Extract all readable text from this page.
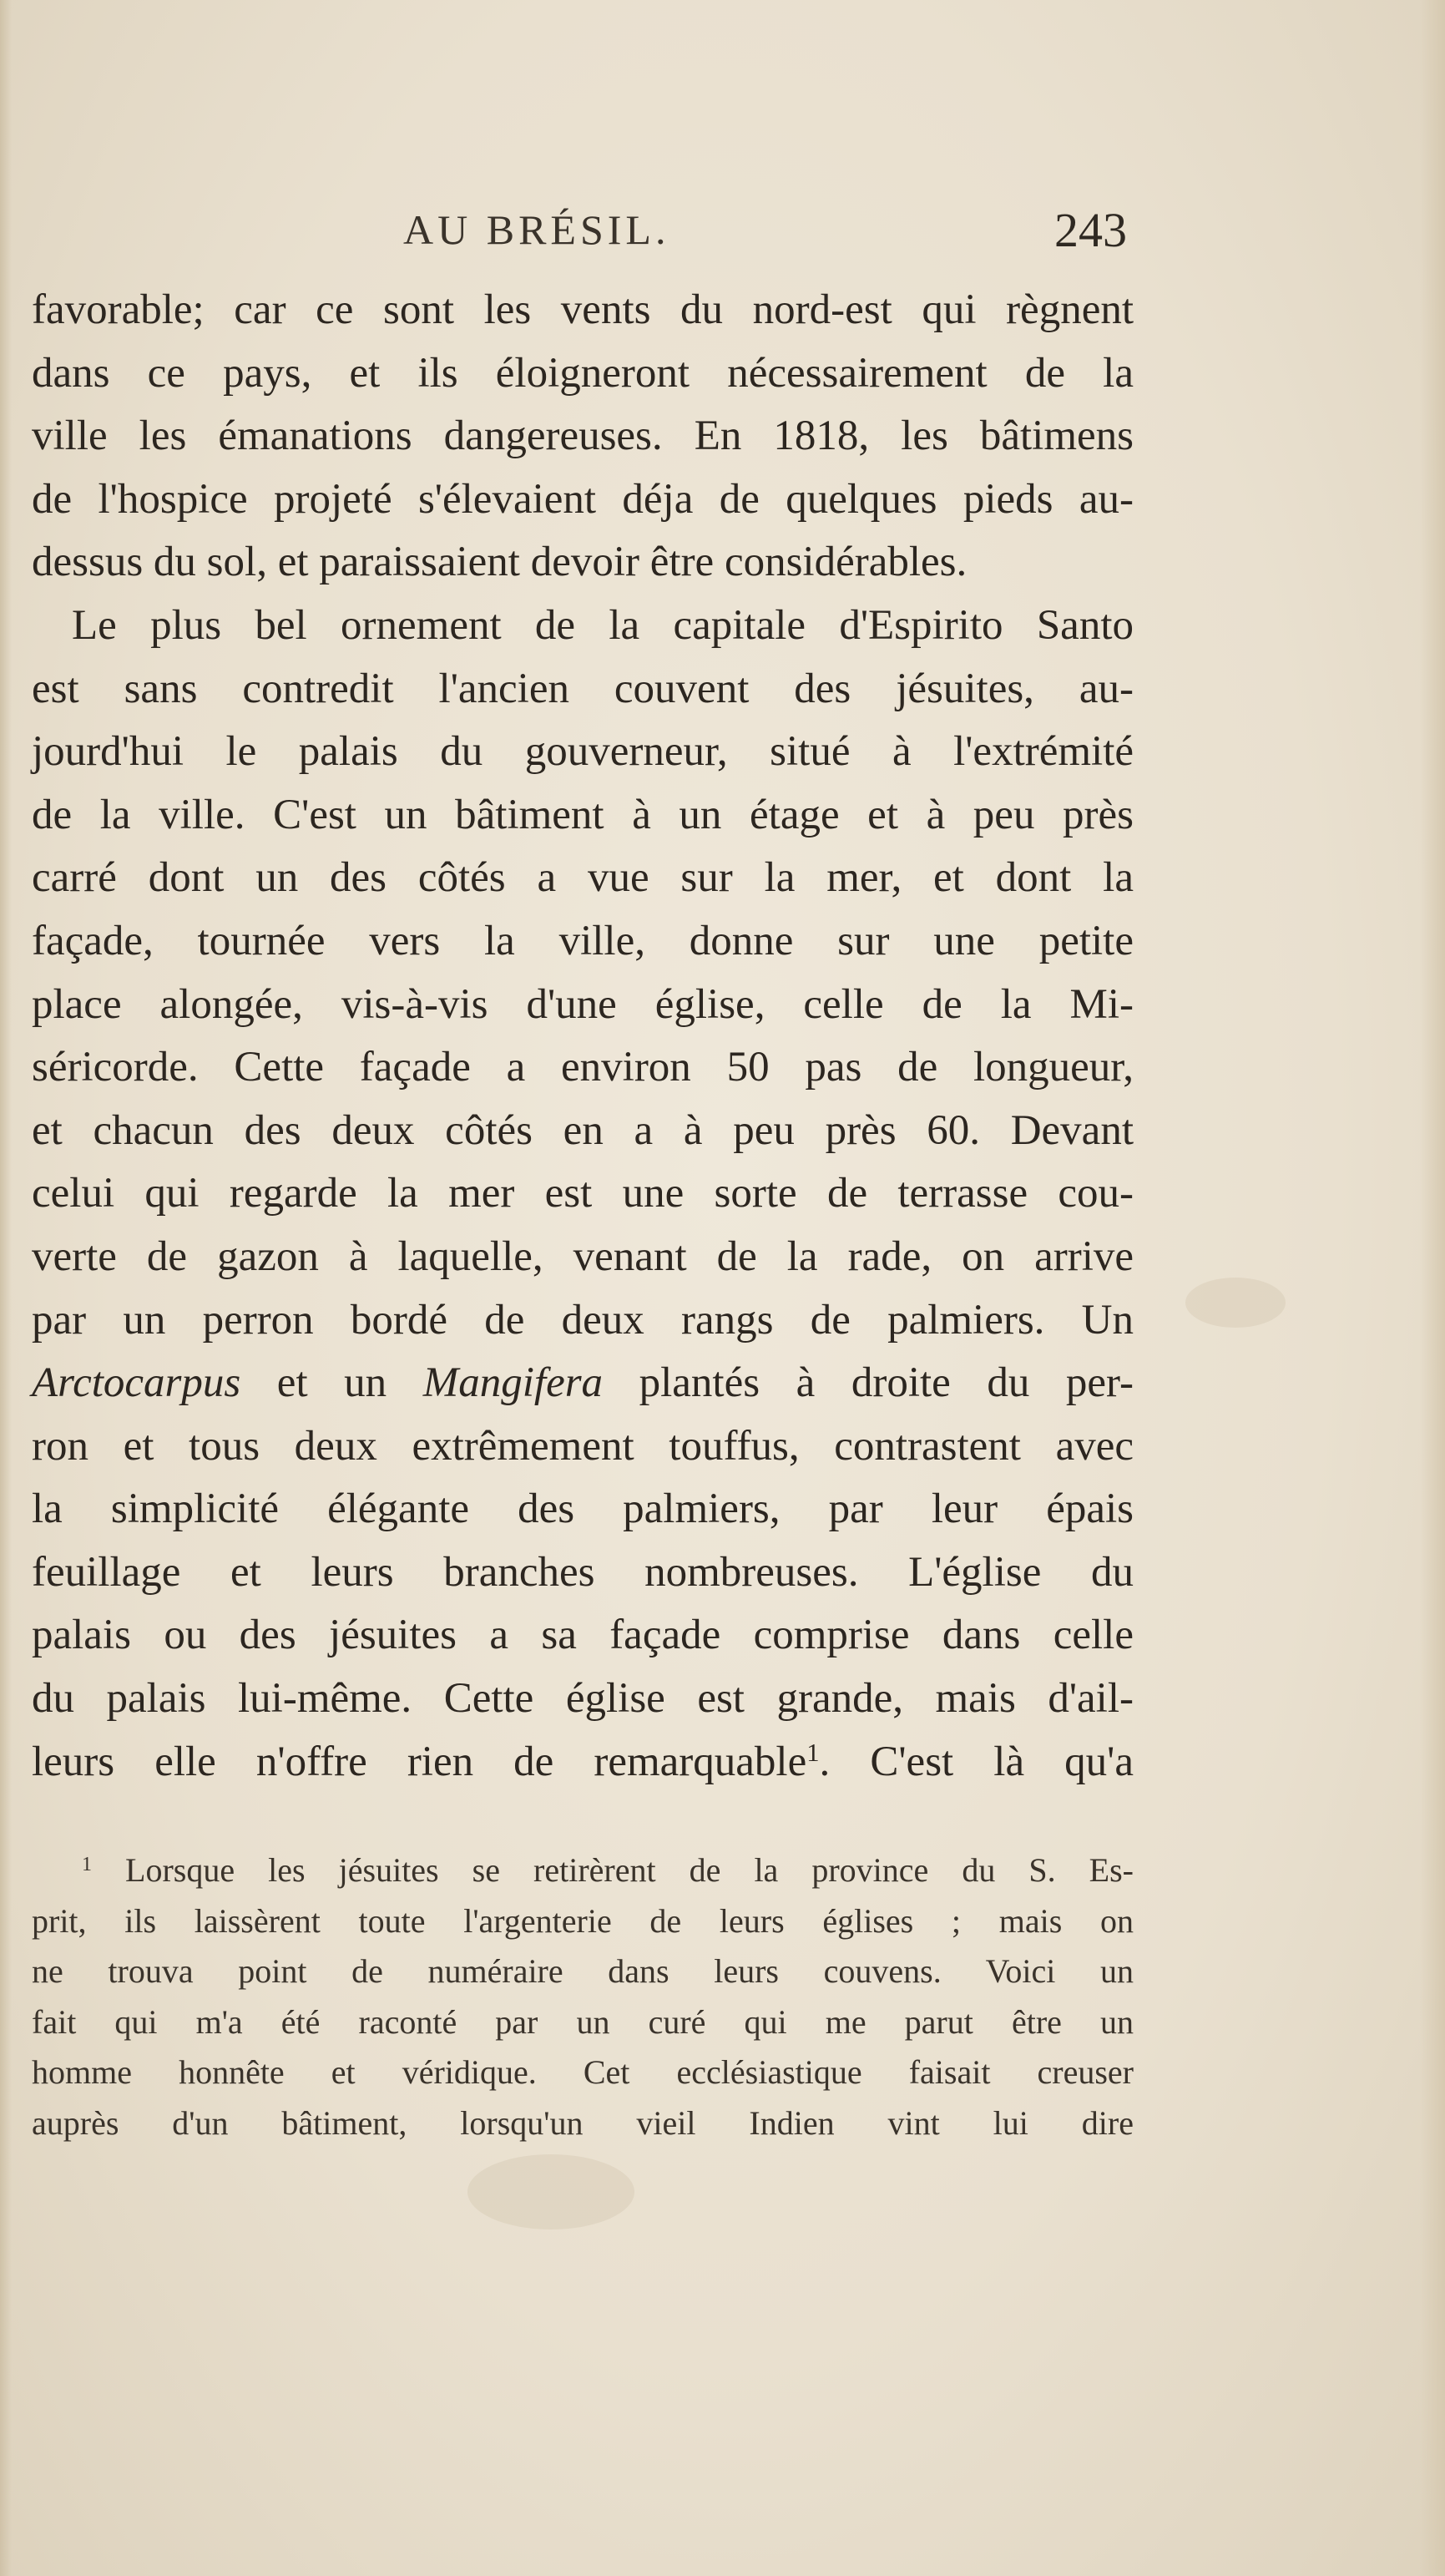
AU BRÉSIL.	243
favorable; car ce sont les vents du nord-est qui règnent
dans ce pays, et ils éloigneront nécessairement de la
ville les émanations dangereuses. En 1818, les bâtimens
de l'hospice projeté s'élevaient déja de quelques pieds au-
dessus du sol, et paraissaient devoir être considérables.
Le plus bel ornement de la capitale d'Espirito Santo
est sans contredit l'ancien couvent des jésuites, au-
jourd'hui le palais du gouverneur, situé à l'extrémité
de la ville. C'est un bâtiment à un étage et à peu près
carré dont un des côtés a vue sur la mer, et dont la
façade, tournée vers la ville, donne sur une petite
place alongée, vis-à-vis d'une église, celle de la Mi-
séricorde. Cette façade a environ 50 pas de longueur,
et chacun des deux côtés en a à peu près 60. Devant
celui qui regarde la mer est une sorte de terrasse cou-
verte de gazon à laquelle, venant de la rade, on arrive
par un perron bordé de deux rangs de palmiers. Un
Arctocarpus et un Mangifera plantés à droite du per-
ron et tous deux extrêmement touffus, contrastent avec
la simplicité élégante des palmiers, par leur épais
feuillage et leurs branches nombreuses. L'église du
palais ou des jésuites a sa façade comprise dans celle
du palais lui-même. Cette église est grande, mais d'ail-
leurs elle n'offre rien de remarquable$^1$. C'est là qu'a
$^1$ Lorsque les jésuites se retirèrent de la province du S. Es-
prit, ils laissèrent toute l'argenterie de leurs églises ; mais on
ne trouva point de numéraire dans leurs couvens. Voici un
fait qui m'a été raconté par un curé qui me parut être un
homme honnête et véridique. Cet ecclésiastique faisait creuser
auprès d'un bâtiment, lorsqu'un vieil Indien vint lui dire
